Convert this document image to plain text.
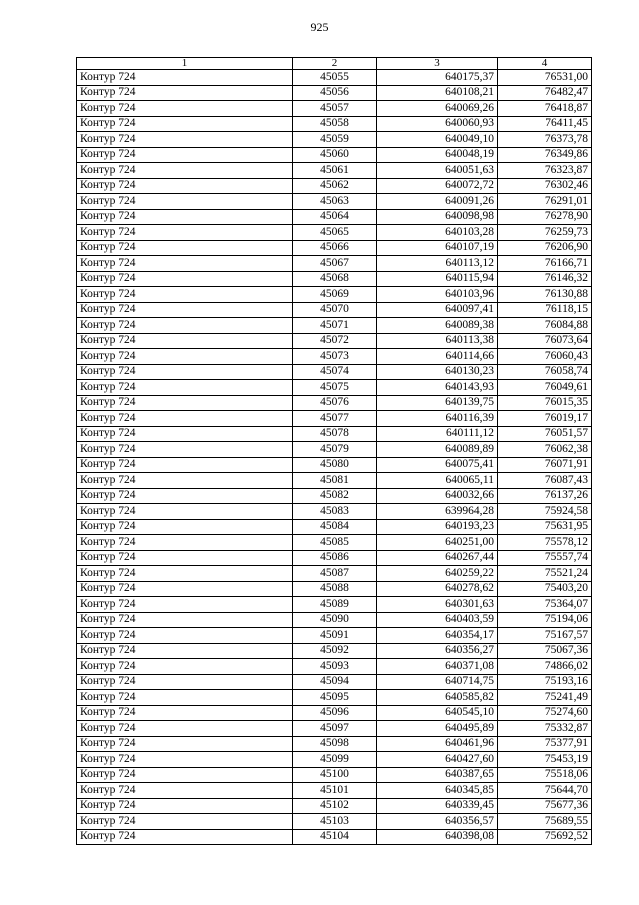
925
1	2	3	4
Контур 724	45055	640175,37	76531,00
Контур 724	45056	640108,21	76482,47
Контур 724	45057	640069,26	76418,87
Контур 724	45058	640060,93	76411,45
Контур 724	45059	640049,10	76373,78
Контур 724	45060	640048,19	76349,86
Контур 724	45061	640051,63	76323,87
Контур 724	45062	640072,72	76302,46
Контур 724	45063	640091,26	76291,01
Контур 724	45064	640098,98	76278,90
Контур 724	45065	640103,28	76259,73
Контур 724	45066	640107,19	76206,90
Контур 724	45067	640113,12	76166,71
Контур 724	45068	640115,94	76146,32
Контур 724	45069	640103,96	76130,88
Контур 724	45070	640097,41	76118,15
Контур 724	45071	640089,38	76084,88
Контур 724	45072	640113,38	76073,64
Контур 724	45073	640114,66	76060,43
Контур 724	45074	640130,23	76058,74
Контур 724	45075	640143,93	76049,61
Контур 724	45076	640139,75	76015,35
Контур 724	45077	640116,39	76019,17
Контур 724	45078	640111,12	76051,57
Контур 724	45079	640089,89	76062,38
Контур 724	45080	640075,41	76071,91
Контур 724	45081	640065,11	76087,43
Контур 724	45082	640032,66	76137,26
Контур 724	45083	639964,28	75924,58
Контур 724	45084	640193,23	75631,95
Контур 724	45085	640251,00	75578,12
Контур 724	45086	640267,44	75557,74
Контур 724	45087	640259,22	75521,24
Контур 724	45088	640278,62	75403,20
Контур 724	45089	640301,63	75364,07
Контур 724	45090	640403,59	75194,06
Контур 724	45091	640354,17	75167,57
Контур 724	45092	640356,27	75067,36
Контур 724	45093	640371,08	74866,02
Контур 724	45094	640714,75	75193,16
Контур 724	45095	640585,82	75241,49
Контур 724	45096	640545,10	75274,60
Контур 724	45097	640495,89	75332,87
Контур 724	45098	640461,96	75377,91
Контур 724	45099	640427,60	75453,19
Контур 724	45100	640387,65	75518,06
Контур 724	45101	640345,85	75644,70
Контур 724	45102	640339,45	75677,36
Контур 724	45103	640356,57	75689,55
Контур 724	45104	640398,08	75692,52
